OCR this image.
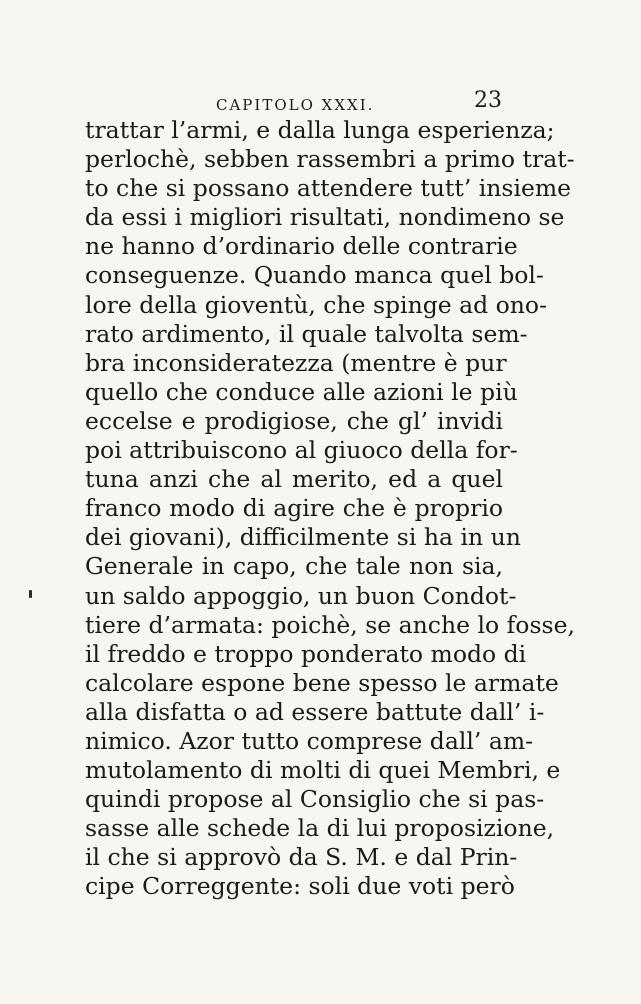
CAPITOLO XXXI.	23
trattar l’armi, e dalla lunga esperienza;
perlochè, sebben rassembri a primo trat-
to che si possano attendere tutt’ insieme
da essi i migliori risultati, nondimeno se
ne hanno d’ordinario delle contrarie
conseguenze. Quando manca quel bol-
lore della gioventù, che spinge ad ono-
rato ardimento, il quale talvolta sem-
bra inconsideratezza (mentre è pur
quello che conduce alle azioni le più
eccelse e prodigiose, che gl’ invidi
poi attribuiscono al giuoco della for-
tuna anzi che al merito, ed a quel
franco modo di agire che è proprio
dei giovani), difficilmente si ha in un
Generale in capo, che tale non sia,
un saldo appoggio, un buon Condot-
tiere d’armata: poichè, se anche lo fosse,
il freddo e troppo ponderato modo di
calcolare espone bene spesso le armate
alla disfatta o ad essere battute dall’ i-
nimico. Azor tutto comprese dall’ am-
mutolamento di molti di quei Membri, e
quindi propose al Consiglio che si pas-
sasse alle schede la di lui proposizione,
il che si approvò da S. M. e dal Prin-
cipe Correggente: soli due voti però
